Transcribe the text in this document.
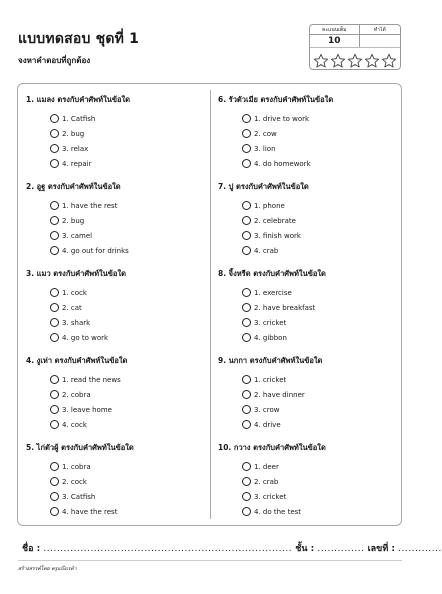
แบบทดสอบ ชุดที่ 1
จงหาคำตอบที่ถูกต้อง
คะแนนเต็ม	ทำได้
10
1. แมลง ตรงกับคำศัพท์ในข้อใด
1. Catfish
2. bug
3. relax
4. repair
2. อูฐ ตรงกับคำศัพท์ในข้อใด
1. have the rest
2. bug
3. camel
4. go out for drinks
3. แมว ตรงกับคำศัพท์ในข้อใด
1. cock
2. cat
3. shark
4. go to work
4. งูเห่า ตรงกับคำศัพท์ในข้อใด
1. read the news
2. cobra
3. leave home
4. cock
5. ไก่ตัวผู้ ตรงกับคำศัพท์ในข้อใด
1. cobra
2. cock
3. Catfish
4. have the rest
6. รัวตัวเมีย ตรงกับคำศัพท์ในข้อใด
1. drive to work
2. cow
3. lion
4. do homework
7. ปู ตรงกับคำศัพท์ในข้อใด
1. phone
2. celebrate
3. finish work
4. crab
8. จิ้งหรีด ตรงกับคำศัพท์ในข้อใด
1. exercise
2. have breakfast
3. cricket
4. gibbon
9. นกกา ตรงกับคำศัพท์ในข้อใด
1. cricket
2. have dinner
3. crow
4. drive
10. กวาง ตรงกับคำศัพท์ในข้อใด
1. deer
2. crab
3. cricket
4. do the test
ชื่อ : .......................................................................... ชั้น : .............. เลขที่ : .............
สร้างสรรค์โดย ครูแบ๊งเรด้า
